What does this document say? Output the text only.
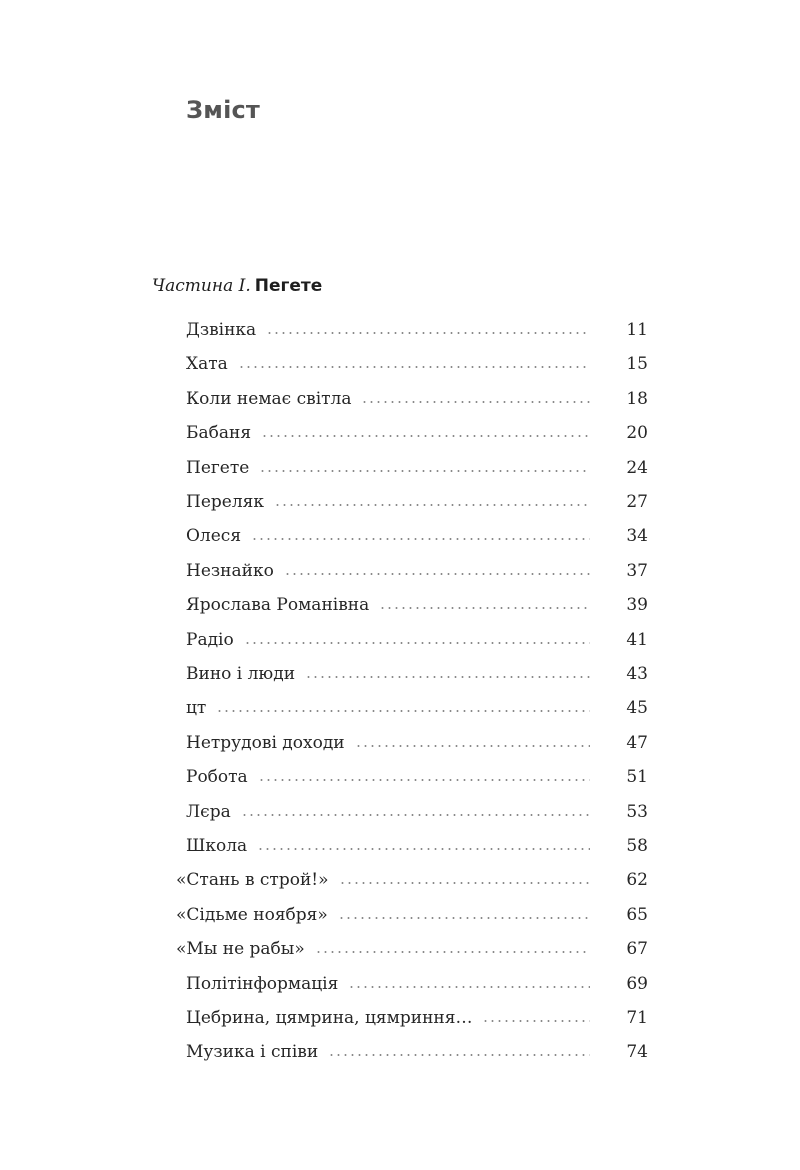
Зміст
Частина І. Пегете
Дзвінка	11
Хата	15
Коли немає світла	18
Бабаня	20
Пегете	24
Переляк	27
Олеся	34
Незнайко	37
Ярослава Романівна	39
Радіо	41
Вино і люди	43
цт	45
Нетрудові доходи	47
Робота	51
Лєра	53
Школа	58
«Стань в строй!»	62
«Сідьме ноября»	65
«Мы не рабы»	67
Політінформація	69
Цебрина, цямрина, цямриння…	71
Музика і співи	74
